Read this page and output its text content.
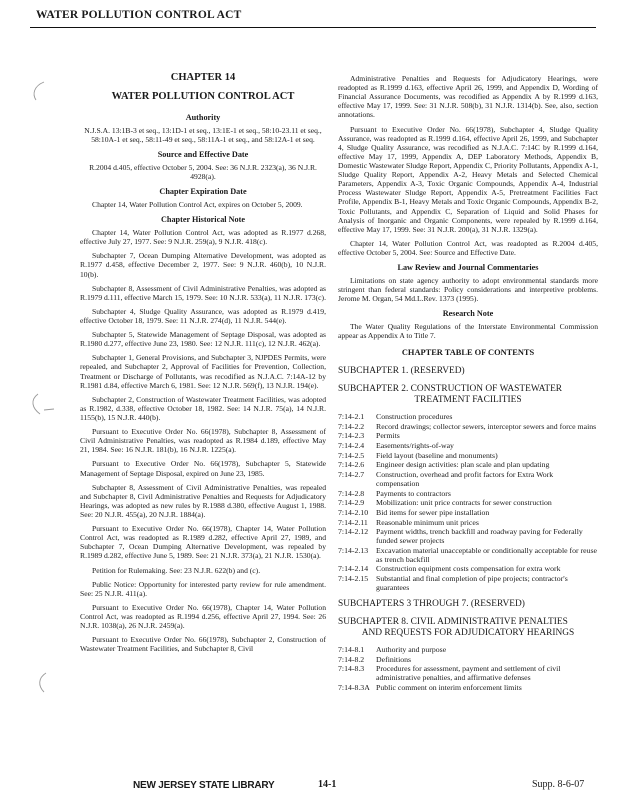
WATER POLLUTION CONTROL ACT
CHAPTER 14
WATER POLLUTION CONTROL ACT
Authority

N.J.S.A. 13:1B-3 et seq., 13:1D-1 et seq., 13:1E-1 et seq., 58:10-23.11 et seq., 58:10A-1 et seq., 58:11-49 et seq., 58:11A-1 et seq., and 58:12A-1 et seq.

Source and Effective Date

R.2004 d.405, effective October 5, 2004. See: 36 N.J.R. 2323(a), 36 N.J.R. 4928(a).

Chapter Expiration Date

Chapter 14, Water Pollution Control Act, expires on October 5, 2009.

Chapter Historical Note

Chapter 14, Water Pollution Control Act, was adopted as R.1977 d.268, effective July 27, 1977. See: 9 N.J.R. 259(a), 9 N.J.R. 418(c).

Subchapter 7, Ocean Dumping Alternative Development, was adopted as R.1977 d.458, effective December 2, 1977. See: 9 N.J.R. 460(b), 10 N.J.R. 10(b).

Subchapter 8, Assessment of Civil Administrative Penalties, was adopted as R.1979 d.111, effective March 15, 1979. See: 10 N.J.R. 533(a), 11 N.J.R. 173(c).

Subchapter 4, Sludge Quality Assurance, was adopted as R.1979 d.419, effective October 18, 1979. See: 11 N.J.R. 274(d), 11 N.J.R. 544(e).

Subchapter 5, Statewide Management of Septage Disposal, was adopted as R.1980 d.277, effective June 23, 1980. See: 12 N.J.R. 111(c), 12 N.J.R. 462(a).

Subchapter 1, General Provisions, and Subchapter 3, NJPDES Permits, were repealed, and Subchapter 2, Approval of Facilities for Prevention, Collection, Treatment or Discharge of Pollutants, was recodified as N.J.A.C. 7:14A-12 by R.1981 d.84, effective March 6, 1981. See: 12 N.J.R. 569(f), 13 N.J.R. 194(e).

Subchapter 2, Construction of Wastewater Treatment Facilities, was adopted as R.1982, d.338, effective October 18, 1982. See: 14 N.J.R. 75(a), 14 N.J.R. 1155(b), 15 N.J.R. 440(b).

Pursuant to Executive Order No. 66(1978), Subchapter 8, Assessment of Civil Administrative Penalties, was readopted as R.1984 d.189, effective May 21, 1984. See: 16 N.J.R. 181(b), 16 N.J.R. 1225(a).

Pursuant to Executive Order No. 66(1978), Subchapter 5, Statewide Management of Septage Disposal, expired on June 23, 1985.

Subchapter 8, Assessment of Civil Administrative Penalties, was repealed and Subchapter 8, Civil Administrative Penalties and Requests for Adjudicatory Hearings, was adopted as new rules by R.1988 d.380, effective August 1, 1988. See: 20 N.J.R. 455(a), 20 N.J.R. 1884(a).

Pursuant to Executive Order No. 66(1978), Chapter 14, Water Pollution Control Act, was readopted as R.1989 d.282, effective April 27, 1989, and Subchapter 7, Ocean Dumping Alternative Development, was repealed by R.1989 d.282, effective June 5, 1989. See: 21 N.J.R. 373(a), 21 N.J.R. 1530(a).

Petition for Rulemaking. See: 23 N.J.R. 622(b) and (c).

Public Notice: Opportunity for interested party review for rule amendment. See: 25 N.J.R. 411(a).

Pursuant to Executive Order No. 66(1978), Chapter 14, Water Pollution Control Act, was readopted as R.1994 d.256, effective April 27, 1994. See: 26 N.J.R. 1038(a), 26 N.J.R. 2459(a).

Pursuant to Executive Order No. 66(1978), Subchapter 2, Construction of Wastewater Treatment Facilities, and Subchapter 8, Civil

Administrative Penalties and Requests for Adjudicatory Hearings, were readopted as R.1999 d.163, effective April 26, 1999, and Appendix D, Wording of Financial Assurance Documents, was recodified as Appendix A by R.1999 d.163, effective May 17, 1999. See: 31 N.J.R. 508(b), 31 N.J.R. 1314(b). See, also, section annotations.

Pursuant to Executive Order No. 66(1978), Subchapter 4, Sludge Quality Assurance, was readopted as R.1999 d.164, effective April 26, 1999, and Subchapter 4, Sludge Quality Assurance, was recodified as N.J.A.C. 7:14C by R.1999 d.164, effective May 17, 1999, Appendix A, DEP Laboratory Methods, Appendix B, Domestic Wastewater Sludge Report, Appendix C, Priority Pollutants, Appendix A-1, Sludge Quality Report, Appendix A-2, Heavy Metals and Selected Chemical Parameters, Appendix A-3, Toxic Organic Compounds, Appendix A-4, Industrial Process Wastewater Sludge Report, Appendix A-5, Pretreatment Facilities Fact Profile, Appendix B-1, Heavy Metals and Toxic Organic Compounds, Appendix B-2, Toxic Pollutants, and Appendix C, Separation of Liquid and Solid Phases for Analysis of Inorganic and Organic Components, were repealed by R.1999 d.164, effective May 17, 1999. See: 31 N.J.R. 200(a), 31 N.J.R. 1329(a).

Chapter 14, Water Pollution Control Act, was readopted as R.2004 d.405, effective October 5, 2004. See: Source and Effective Date.

Law Review and Journal Commentaries

Limitations on state agency authority to adopt environmental standards more stringent than federal standards: Policy considerations and interpretive problems. Jerome M. Organ, 54 Md.L.Rev. 1373 (1995).

Research Note

The Water Quality Regulations of the Interstate Environmental Commission appear as Appendix A to Title 7.

CHAPTER TABLE OF CONTENTS
SUBCHAPTER 1. (RESERVED)
SUBCHAPTER 2. CONSTRUCTION OF WASTEWATER
TREATMENT FACILITIES
7:14-2.1	Construction procedures
7:14-2.2	Record drawings; collector sewers, interceptor sewers and force mains
7:14-2.3	Permits
7:14-2.4	Easements/rights-of-way
7:14-2.5	Field layout (baseline and monuments)
7:14-2.6	Engineer design activities: plan scale and plan updating
7:14-2.7	Construction, overhead and profit factors for Extra Work compensation
7:14-2.8	Payments to contractors
7:14-2.9	Mobilization: unit price contracts for sewer construction
7:14-2.10	Bid items for sewer pipe installation
7:14-2.11	Reasonable minimum unit prices
7:14-2.12	Payment widths, trench backfill and roadway paving for Federally funded sewer projects
7:14-2.13	Excavation material unacceptable or conditionally acceptable for reuse as trench backfill
7:14-2.14	Construction equipment costs compensation for extra work
7:14-2.15	Substantial and final completion of pipe projects; contractor's guarantees
SUBCHAPTERS 3 THROUGH 7. (RESERVED)
SUBCHAPTER 8. CIVIL ADMINISTRATIVE PENALTIES
AND REQUESTS FOR ADJUDICATORY HEARINGS
7:14-8.1	Authority and purpose
7:14-8.2	Definitions
7:14-8.3	Procedures for assessment, payment and settlement of civil administrative penalties, and affirmative defenses
7:14-8.3A Public comment on interim enforcement limits
NEW JERSEY STATE LIBRARY	14-1	Supp. 8-6-07
